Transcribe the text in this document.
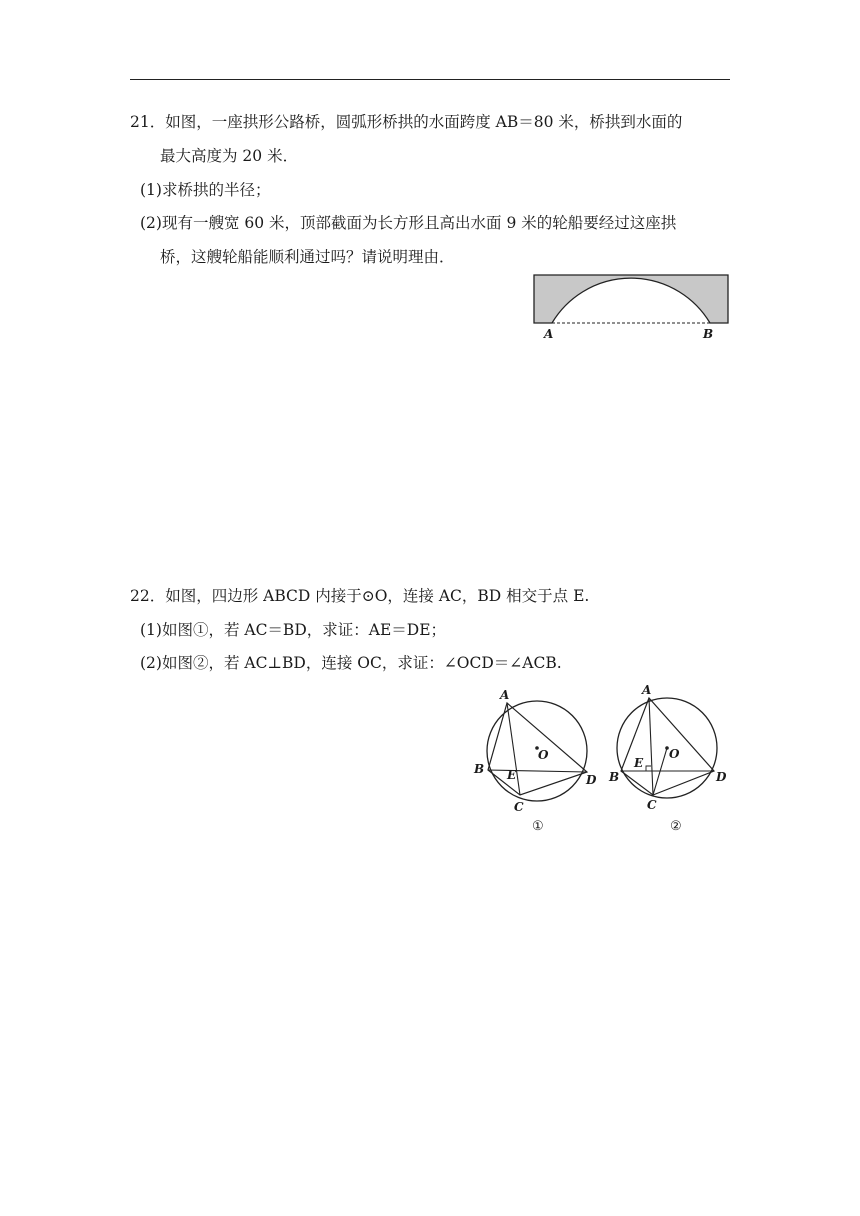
21．如图，一座拱形公路桥，圆弧形桥拱的水面跨度 AB＝80 米，桥拱到水面的
最大高度为 20 米．
(1)求桥拱的半径；
(2)现有一艘宽 60 米，顶部截面为长方形且高出水面 9 米的轮船要经过这座拱
桥，这艘轮船能顺利通过吗？请说明理由．
A	B
22．如图，四边形 ABCD 内接于⊙O，连接 AC，BD 相交于点 E.
(1)如图①，若 AC＝BD，求证：AE＝DE；
(2)如图②，若 AC⊥BD，连接 OC，求证：∠OCD＝∠ACB.
A
B
C
D
E
O
①
A
B
C
D
E
O
②
